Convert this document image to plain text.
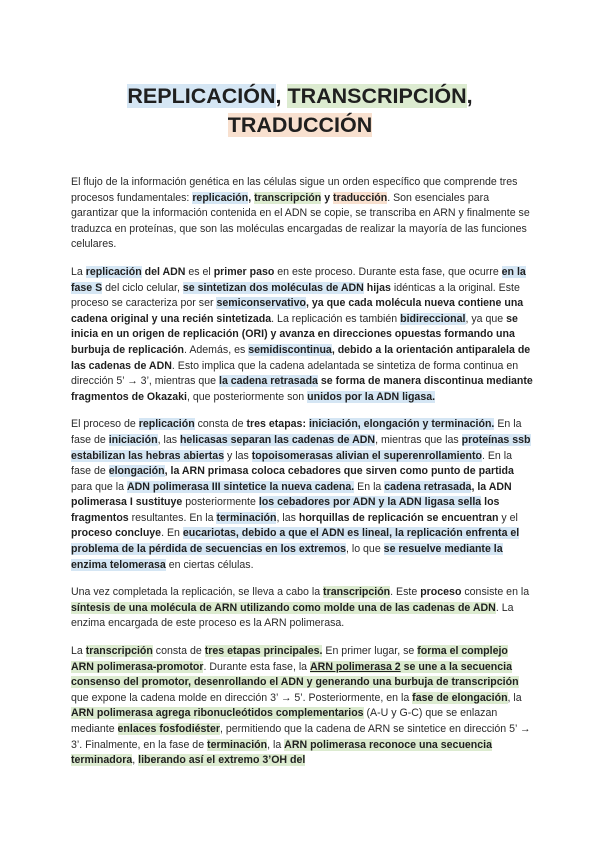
REPLICACIÓN, TRANSCRIPCIÓN,
TRADUCCIÓN

El flujo de la información genética en las células sigue un orden específico que comprende tres procesos fundamentales: replicación, transcripción y traducción. Son esenciales para garantizar que la información contenida en el ADN se copie, se transcriba en ARN y finalmente se traduzca en proteínas, que son las moléculas encargadas de realizar la mayoría de las funciones celulares.

La replicación del ADN es el primer paso en este proceso. Durante esta fase, que ocurre en la fase S del ciclo celular, se sintetizan dos moléculas de ADN hijas idénticas a la original. Este proceso se caracteriza por ser semiconservativo, ya que cada molécula nueva contiene una cadena original y una recién sintetizada. La replicación es también bidireccional, ya que se inicia en un origen de replicación (ORI) y avanza en direcciones opuestas formando una burbuja de replicación. Además, es semidiscontinua, debido a la orientación antiparalela de las cadenas de ADN. Esto implica que la cadena adelantada se sintetiza de forma continua en dirección 5’ → 3’, mientras que la cadena retrasada se forma de manera discontinua mediante fragmentos de Okazaki, que posteriormente son unidos por la ADN ligasa.

El proceso de replicación consta de tres etapas: iniciación, elongación y terminación. En la fase de iniciación, las helicasas separan las cadenas de ADN, mientras que las proteínas ssb estabilizan las hebras abiertas y las topoisomerasas alivian el superenrollamiento. En la fase de elongación, la ARN primasa coloca cebadores que sirven como punto de partida para que la ADN polimerasa III sintetice la nueva cadena. En la cadena retrasada, la ADN polimerasa I sustituye posteriormente los cebadores por ADN y la ADN ligasa sella los fragmentos resultantes. En la terminación, las horquillas de replicación se encuentran y el proceso concluye. En eucariotas, debido a que el ADN es lineal, la replicación enfrenta el problema de la pérdida de secuencias en los extremos, lo que se resuelve mediante la enzima telomerasa en ciertas células.

Una vez completada la replicación, se lleva a cabo la transcripción. Este proceso consiste en la síntesis de una molécula de ARN utilizando como molde una de las cadenas de ADN. La enzima encargada de este proceso es la ARN polimerasa.

La transcripción consta de tres etapas principales. En primer lugar, se forma el complejo ARN polimerasa-promotor. Durante esta fase, la ARN polimerasa 2 se une a la secuencia consenso del promotor, desenrollando el ADN y generando una burbuja de transcripción que expone la cadena molde en dirección 3’ → 5’. Posteriormente, en la fase de elongación, la ARN polimerasa agrega ribonucleótidos complementarios (A-U y G-C) que se enlazan mediante enlaces fosfodiéster, permitiendo que la cadena de ARN se sintetice en dirección 5’ → 3’. Finalmente, en la fase de terminación, la ARN polimerasa reconoce una secuencia terminadora, liberando así el extremo 3’OH del
